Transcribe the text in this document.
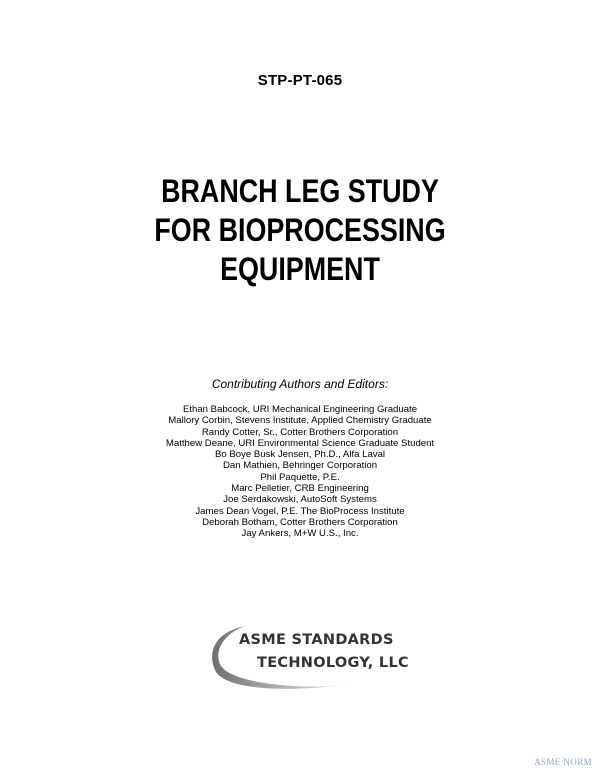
STP-PT-065
BRANCH LEG STUDY
FOR BIOPROCESSING
EQUIPMENT
Contributing Authors and Editors:
Ethan Babcock, URI Mechanical Engineering Graduate
Mallory Corbin, Stevens Institute, Applied Chemistry Graduate
Randy Cotter, Sr., Cotter Brothers Corporation
Matthew Deane, URI Environmental Science Graduate Student
Bo Boye Busk Jensen, Ph.D., Alfa Laval
Dan Mathien, Behringer Corporation
Phil Paquette, P.E.
Marc Pelletier, CRB Engineering
Joe Serdakowski, AutoSoft Systems
James Dean Vogel, P.E. The BioProcess Institute
Deborah Botham, Cotter Brothers Corporation
Jay Ankers, M+W U.S., Inc.
ASME STANDARDS
TECHNOLOGY, LLC
ASME NORM
